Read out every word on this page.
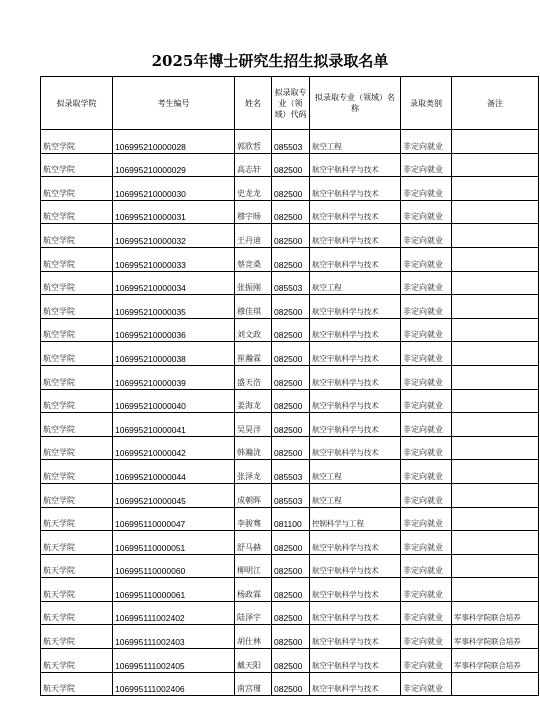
2025年博士研究生招生拟录取名单
拟录取学院	考生编号	姓名	拟录取专业（领域）代码	拟录取专业（领域）名称	录取类别	备注
航空学院	106995210000028	郭欣哲	085503	航空工程	非定向就业	
航空学院	106995210000029	高志轩	082500	航空宇航科学与技术	非定向就业	
航空学院	106995210000030	史龙龙	082500	航空宇航科学与技术	非定向就业	
航空学院	106995210000031	穆宇旸	082500	航空宇航科学与技术	非定向就业	
航空学院	106995210000032	王丹迪	082500	航空宇航科学与技术	非定向就业	
航空学院	106995210000033	蔡竞桑	082500	航空宇航科学与技术	非定向就业	
航空学院	106995210000034	张振刚	085503	航空工程	非定向就业	
航空学院	106995210000035	穆佳琪	082500	航空宇航科学与技术	非定向就业	
航空学院	106995210000036	刘文政	082500	航空宇航科学与技术	非定向就业	
航空学院	106995210000038	崔瀚霖	082500	航空宇航科学与技术	非定向就业	
航空学院	106995210000039	盛天浩	082500	航空宇航科学与技术	非定向就业	
航空学院	106995210000040	姜海龙	082500	航空宇航科学与技术	非定向就业	
航空学院	106995210000041	吴昊洋	082500	航空宇航科学与技术	非定向就业	
航空学院	106995210000042	韩瀚泷	082500	航空宇航科学与技术	非定向就业	
航空学院	106995210000044	张泽龙	085503	航空工程	非定向就业	
航空学院	106995210000045	成朝晖	085503	航空工程	非定向就业	
航天学院	106995110000047	李骏骞	081100	控制科学与工程	非定向就业	
航天学院	106995110000051	舒马赫	082500	航空宇航科学与技术	非定向就业	
航天学院	106995110000060	柳明江	082500	航空宇航科学与技术	非定向就业	
航天学院	106995110000061	杨政霖	082500	航空宇航科学与技术	非定向就业	
航天学院	106995111002402	陆泽宇	082500	航空宇航科学与技术	非定向就业	军事科学院联合培养
航天学院	106995111002403	胡仕林	082500	航空宇航科学与技术	非定向就业	军事科学院联合培养
航天学院	106995111002405	戴天阳	082500	航空宇航科学与技术	非定向就业	军事科学院联合培养
航天学院	106995111002406	南宫瑾	082500	航空宇航科学与技术	非定向就业	
